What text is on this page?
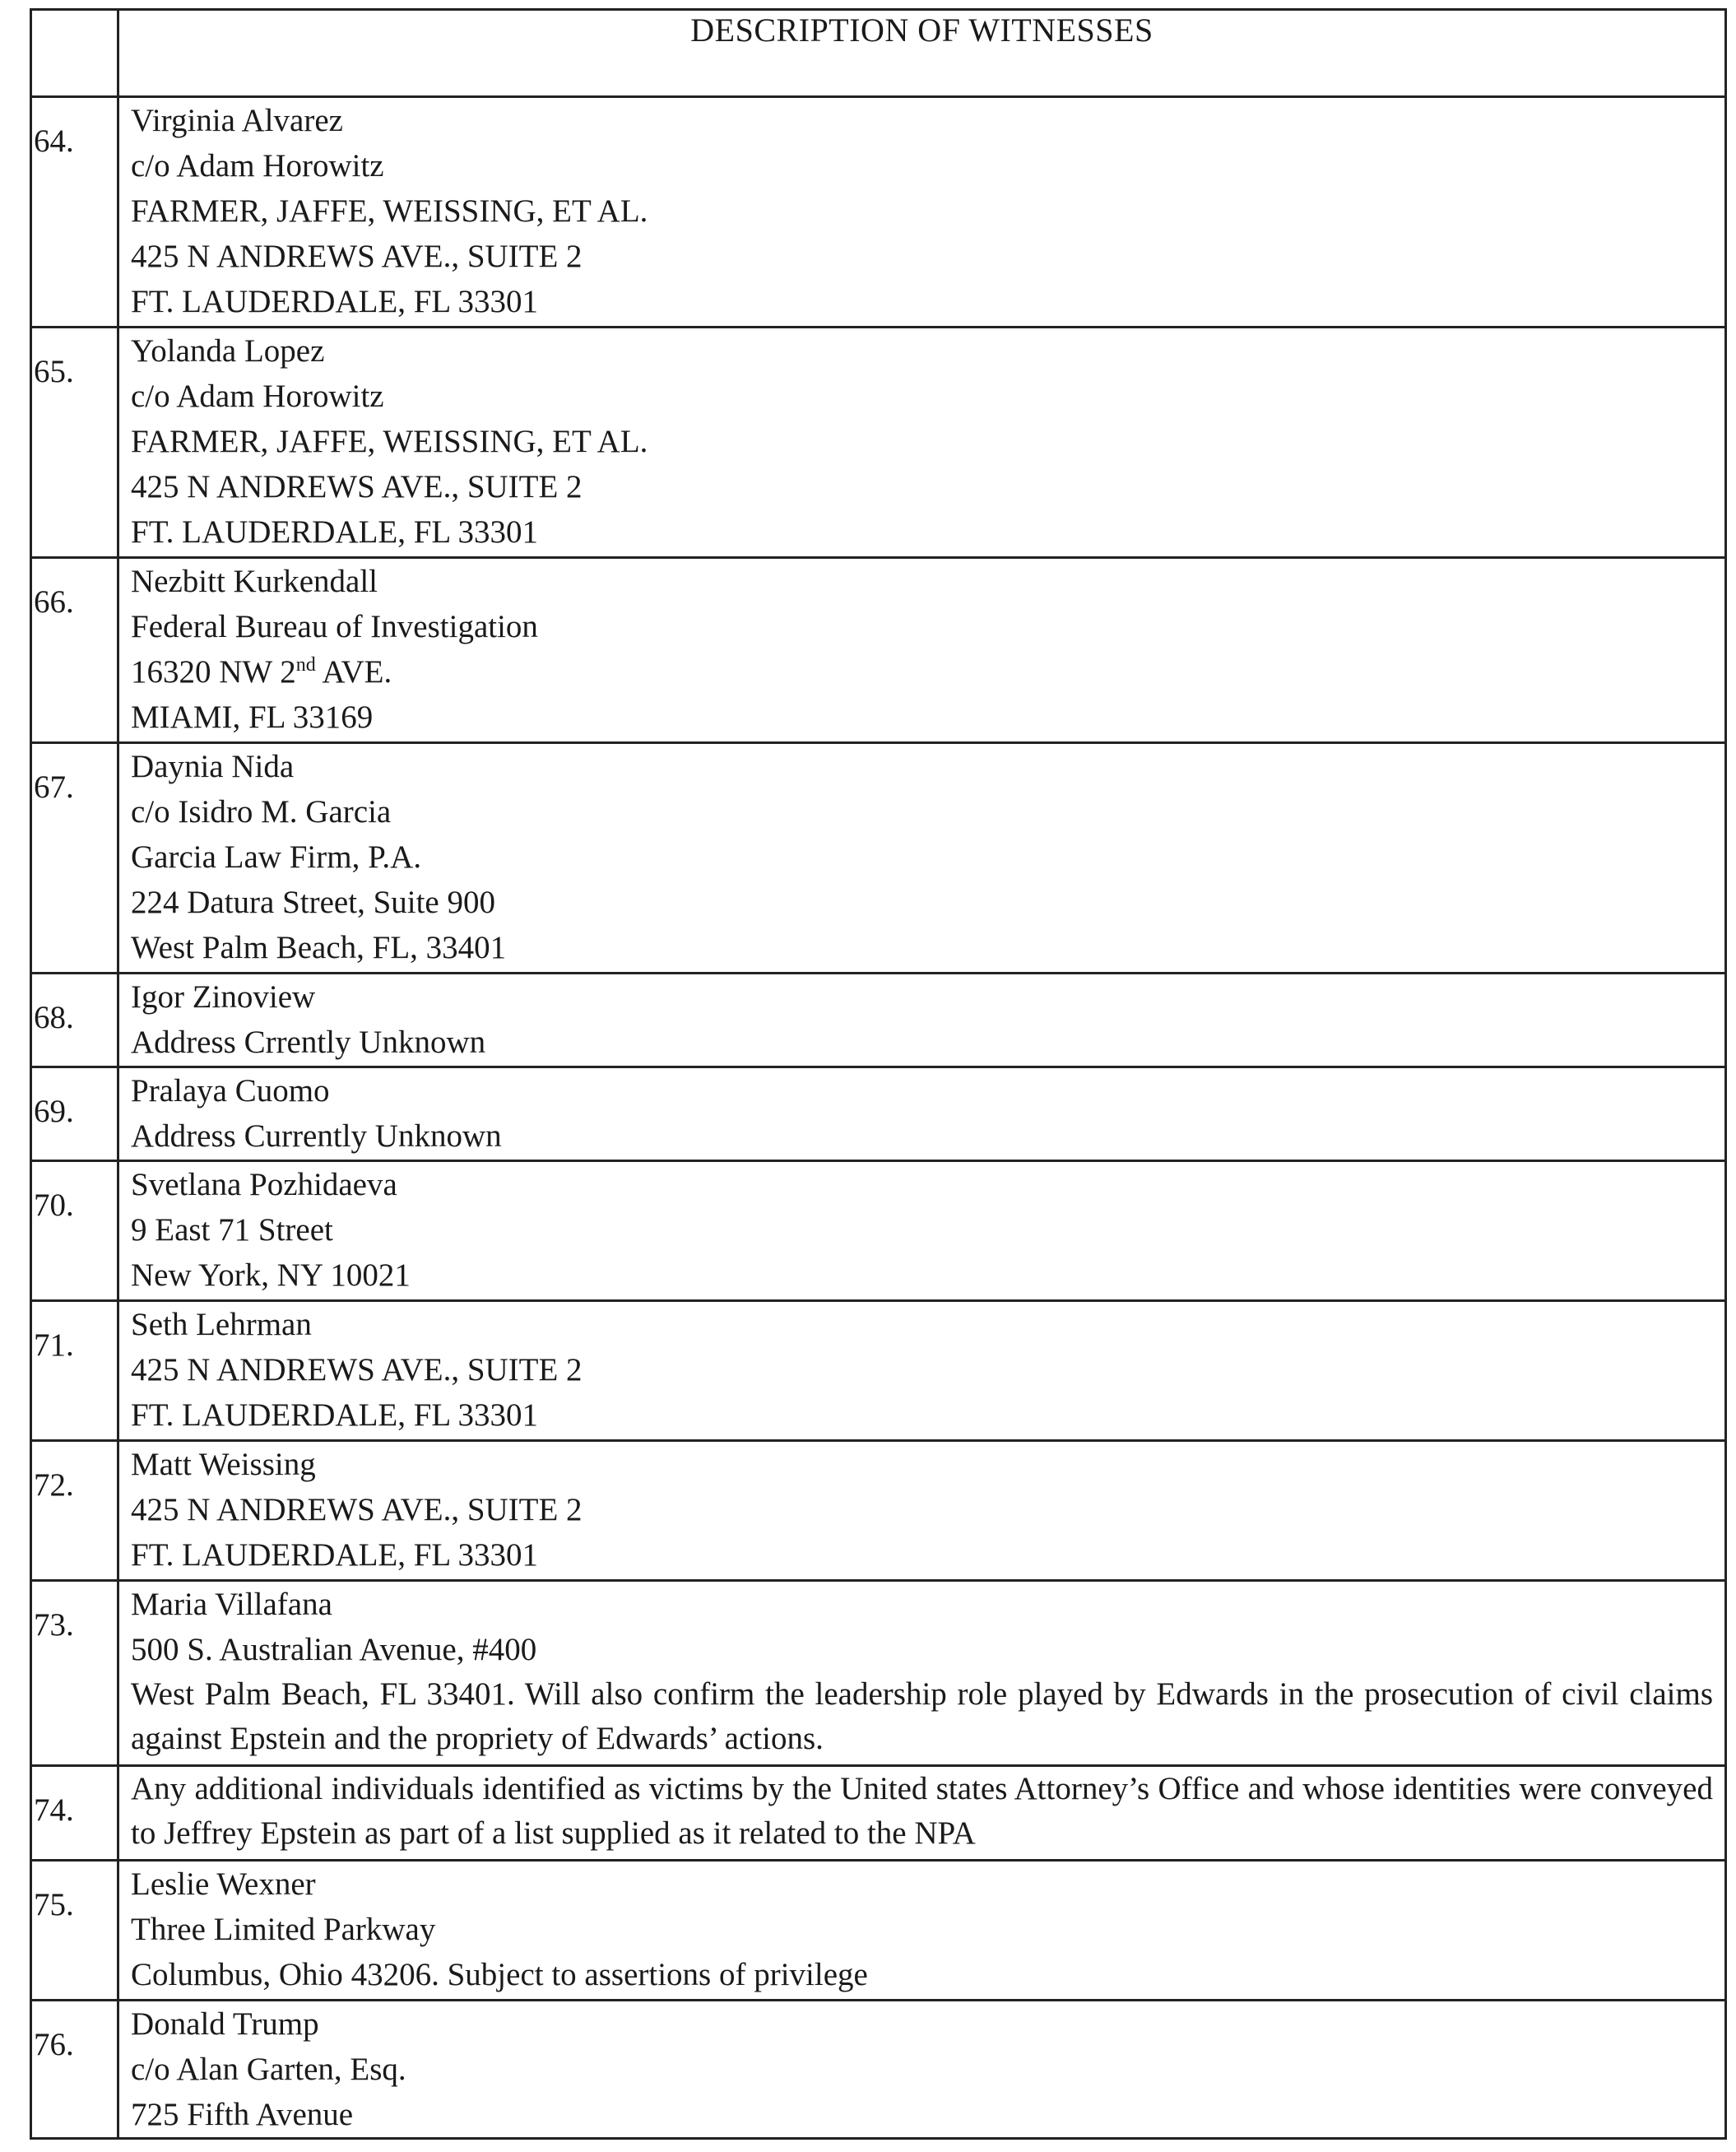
	DESCRIPTION OF WITNESSES

64.	Virginia Alvarez
c/o Adam Horowitz
FARMER, JAFFE, WEISSING, ET AL.
425 N ANDREWS AVE., SUITE 2
FT. LAUDERDALE, FL 33301

65.	Yolanda Lopez
c/o Adam Horowitz
FARMER, JAFFE, WEISSING, ET AL.
425 N ANDREWS AVE., SUITE 2
FT. LAUDERDALE, FL 33301

66.	Nezbitt Kurkendall
Federal Bureau of Investigation
16320 NW 2nd AVE.
MIAMI, FL 33169

67.	Daynia Nida
c/o Isidro M. Garcia
Garcia Law Firm, P.A.
224 Datura Street, Suite 900
West Palm Beach, FL, 33401

68.	Igor Zinoview
Address Crrently Unknown

69.	Pralaya Cuomo
Address Currently Unknown

70.	Svetlana Pozhidaeva
9 East 71 Street
New York, NY 10021

71.	Seth Lehrman
425 N ANDREWS AVE., SUITE 2
FT. LAUDERDALE, FL 33301

72.	Matt Weissing
425 N ANDREWS AVE., SUITE 2
FT. LAUDERDALE, FL 33301

73.	Maria Villafana
500 S. Australian Avenue, #400
West Palm Beach, FL 33401. Will also confirm the leadership role played by Edwards in the prosecution of civil claims against Epstein and the propriety of Edwards’ actions.

74.	Any additional individuals identified as victims by the United states Attorney’s Office and whose identities were conveyed to Jeffrey Epstein as part of a list supplied as it related to the NPA

75.	Leslie Wexner
Three Limited Parkway
Columbus, Ohio 43206. Subject to assertions of privilege

76.	Donald Trump
c/o Alan Garten, Esq.
725 Fifth Avenue
